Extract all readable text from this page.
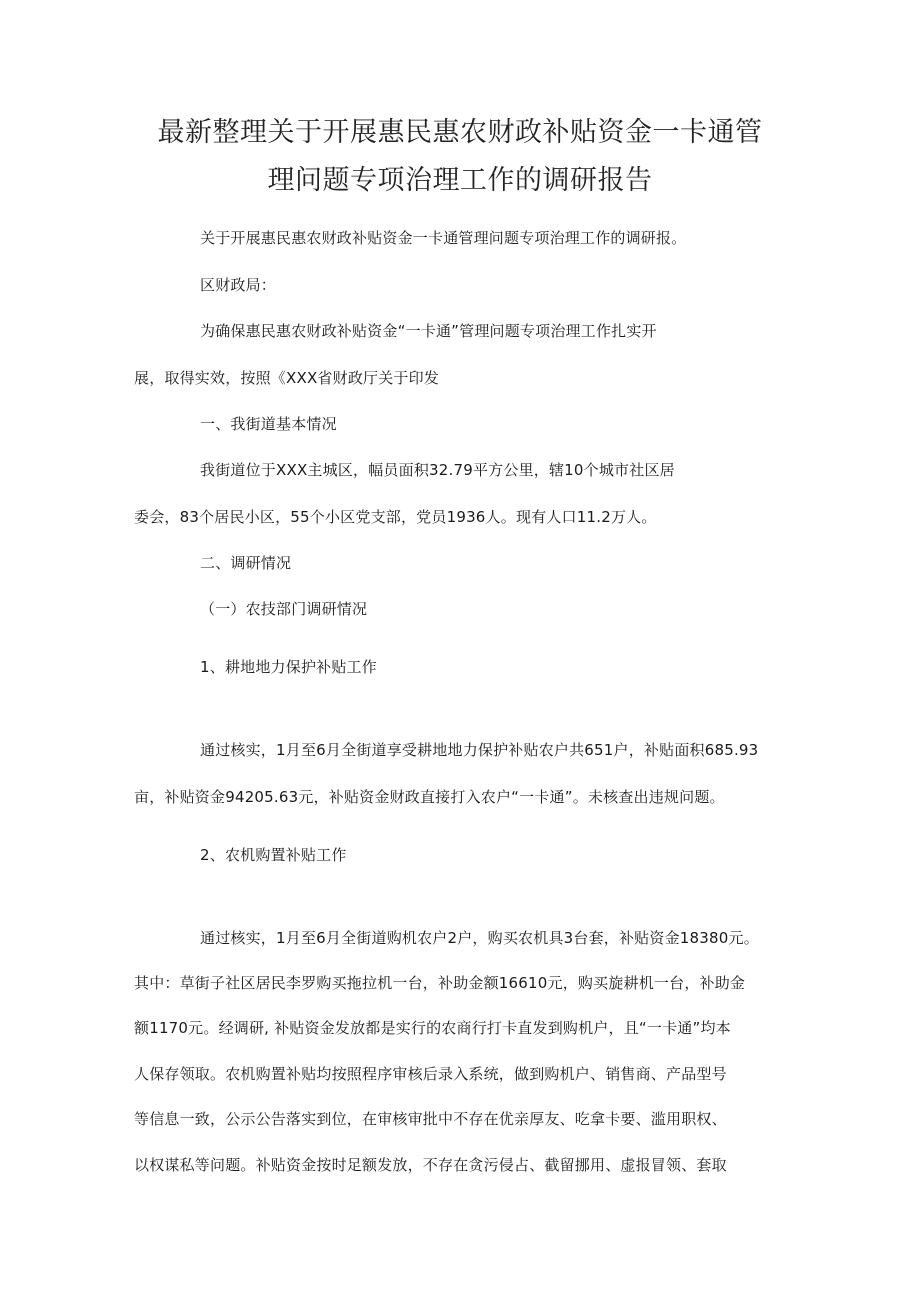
最新整理关于开展惠民惠农财政补贴资金一卡通管
理问题专项治理工作的调研报告
关于开展惠民惠农财政补贴资金一卡通管理问题专项治理工作的调研报。
区财政局：
为确保惠民惠农财政补贴资金“一卡通”管理问题专项治理工作扎实开
展，取得实效，按照《XXX省财政厅关于印发
一、我街道基本情况
我街道位于XXX主城区，幅员面积32.79平方公里，辖10个城市社区居
委会，83个居民小区，55个小区党支部，党员1936人。现有人口11.2万人。
二、调研情况
（一）农技部门调研情况
1、耕地地力保护补贴工作
通过核实，1月至6月全街道享受耕地地力保护补贴农户共651户，补贴面积685.93
亩，补贴资金94205.63元，补贴资金财政直接打入农户“一卡通”。未核查出违规问题。
2、农机购置补贴工作
通过核实，1月至6月全街道购机农户2户，购买农机具3台套，补贴资金18380元。
其中：草街子社区居民李罗购买拖拉机一台，补助金额16610元，购买旋耕机一台，补助金
额1170元。经调研, 补贴资金发放都是实行的农商行打卡直发到购机户，且“一卡通”均本
人保存领取。农机购置补贴均按照程序审核后录入系统，做到购机户、销售商、产品型号
等信息一致，公示公告落实到位，在审核审批中不存在优亲厚友、吃拿卡要、滥用职权、
以权谋私等问题。补贴资金按时足额发放，不存在贪污侵占、截留挪用、虚报冒领、套取
